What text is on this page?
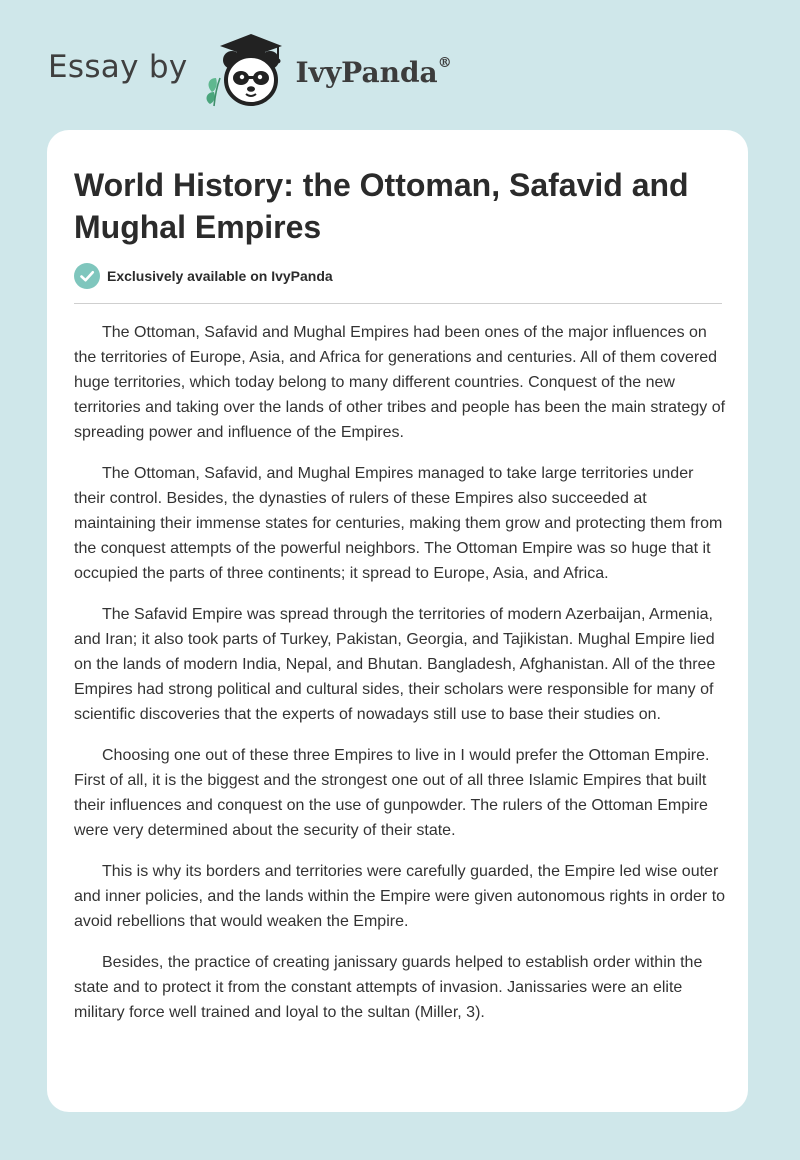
Essay by	IvyPanda®
World History: the Ottoman, Safavid and Mughal Empires
Exclusively available on IvyPanda

The Ottoman, Safavid and Mughal Empires had been ones of the major influences on the territories of Europe, Asia, and Africa for generations and centuries. All of them covered huge territories, which today belong to many different countries. Conquest of the new territories and taking over the lands of other tribes and people has been the main strategy of spreading power and influence of the Empires.

The Ottoman, Safavid, and Mughal Empires managed to take large territories under their control. Besides, the dynasties of rulers of these Empires also succeeded at maintaining their immense states for centuries, making them grow and protecting them from the conquest attempts of the powerful neighbors. The Ottoman Empire was so huge that it occupied the parts of three continents; it spread to Europe, Asia, and Africa.

The Safavid Empire was spread through the territories of modern Azerbaijan, Armenia, and Iran; it also took parts of Turkey, Pakistan, Georgia, and Tajikistan. Mughal Empire lied on the lands of modern India, Nepal, and Bhutan. Bangladesh, Afghanistan. All of the three Empires had strong political and cultural sides, their scholars were responsible for many of scientific discoveries that the experts of nowadays still use to base their studies on.

Choosing one out of these three Empires to live in I would prefer the Ottoman Empire. First of all, it is the biggest and the strongest one out of all three Islamic Empires that built their influences and conquest on the use of gunpowder. The rulers of the Ottoman Empire were very determined about the security of their state.

This is why its borders and territories were carefully guarded, the Empire led wise outer and inner policies, and the lands within the Empire were given autonomous rights in order to avoid rebellions that would weaken the Empire.

Besides, the practice of creating janissary guards helped to establish order within the state and to protect it from the constant attempts of invasion. Janissaries were an elite military force well trained and loyal to the sultan (Miller, 3).
